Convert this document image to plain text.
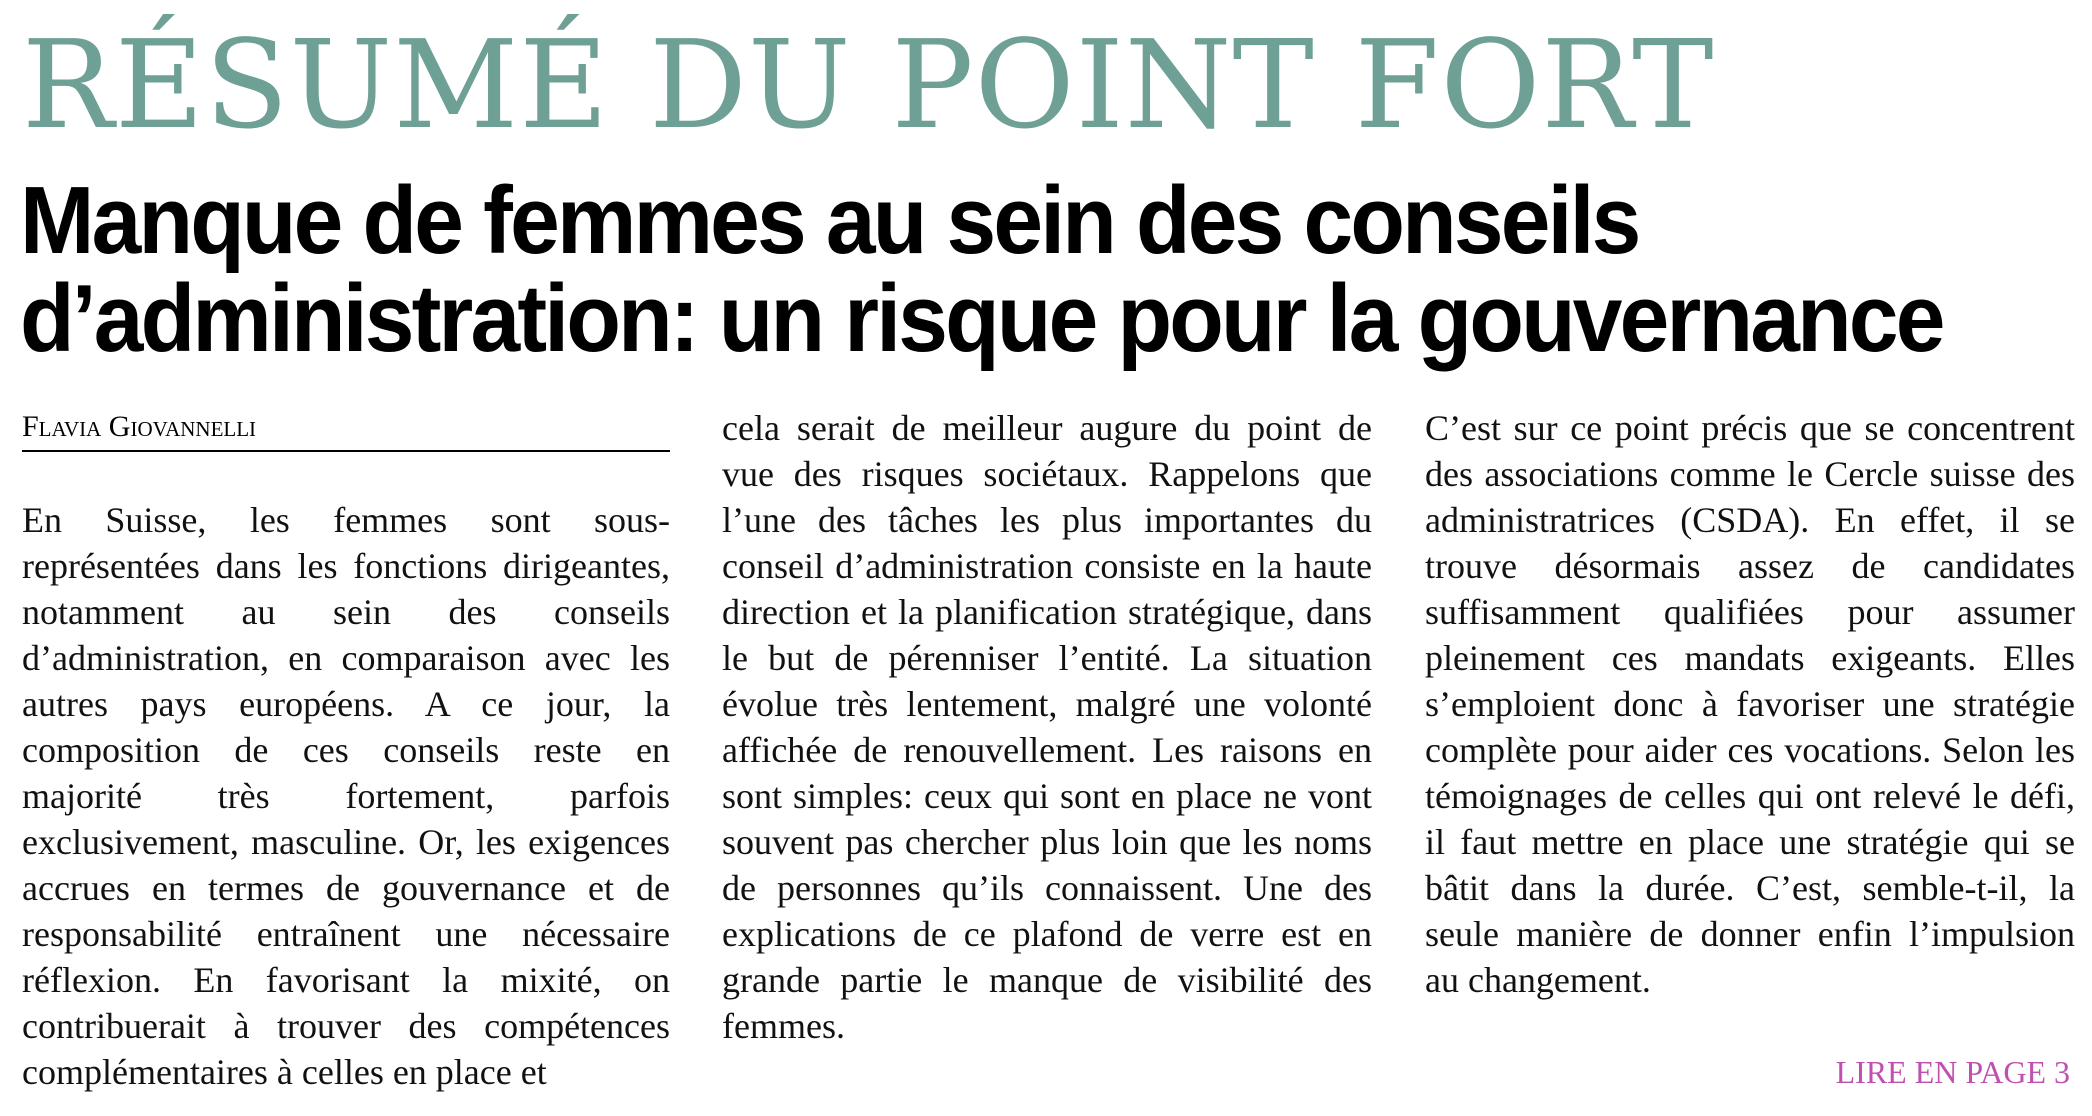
RÉSUMÉ DU POINT FORT
Manque de femmes au sein des conseils
d’administration: un risque pour la gouvernance
Flavia Giovannelli

En Suisse, les femmes sont sous-représentées dans les fonctions dirigeantes, notamment au sein des conseils d’administration, en comparaison avec les autres pays européens. A ce jour, la composition de ces conseils reste en majorité très fortement, parfois exclusivement, masculine. Or, les exigences accrues en termes de gouvernance et de responsabilité entraînent une nécessaire réflexion. En favorisant la mixité, on contribuerait à trouver des compétences complémentaires à celles en place et

cela serait de meilleur augure du point de vue des risques sociétaux. Rappelons que l’une des tâches les plus importantes du conseil d’administration consiste en la haute direction et la planification stratégique, dans le but de pérenniser l’entité. La situation évolue très lentement, malgré une volonté affichée de renouvellement. Les raisons en sont simples: ceux qui sont en place ne vont souvent pas chercher plus loin que les noms de personnes qu’ils connaissent. Une des explications de ce plafond de verre est en grande partie le manque de visibilité des femmes.

C’est sur ce point précis que se concentrent des associations comme le Cercle suisse des administratrices (CSDA). En effet, il se trouve désormais assez de candidates suffisamment qualifiées pour assumer pleinement ces mandats exigeants. Elles s’emploient donc à favoriser une stratégie complète pour aider ces vocations. Selon les témoignages de celles qui ont relevé le défi, il faut mettre en place une stratégie qui se bâtit dans la durée. C’est, semble-t-il, la seule manière de donner enfin l’impulsion au changement.

LIRE EN PAGE 3
